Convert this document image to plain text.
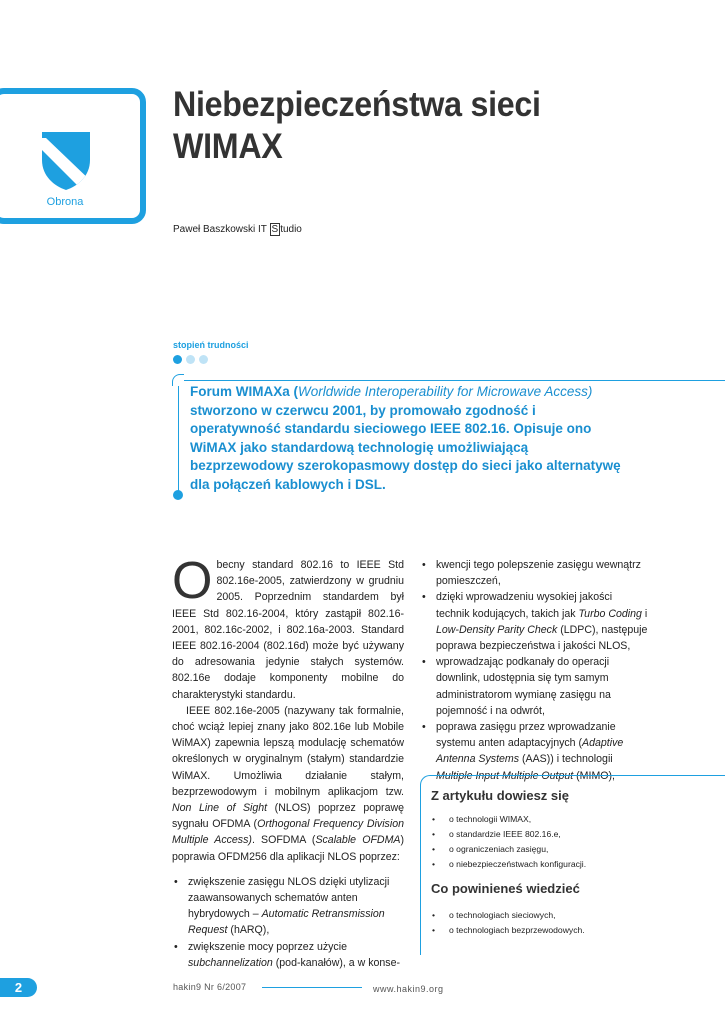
Obrona
Niebezpieczeństwa sieci
WIMAX
Paweł Baszkowski IT S tudio
stopień trudności
Forum WIMAXa (Worldwide Interoperability for Microwave Access) stworzono w czerwcu 2001, by promowało zgodność i operatywność standardu sieciowego IEEE 802.16. Opisuje ono WiMAX jako standardową technologię umożliwiającą bezprzewodowy szerokopasmowy dostęp do sieci jako alternatywę dla połączeń kablowych i DSL.

Obecny standard 802.16 to IEEE Std 802.16e-2005, zatwierdzony w grudniu 2005. Poprzednim standardem był IEEE Std 802.16-2004, który zastąpił 802.16-2001, 802.16c-2002, i 802.16a-2003. Standard IEEE 802.16-2004 (802.16d) może być używany do adresowania jedynie stałych systemów. 802.16e dodaje komponenty mobilne do charakterystyki standardu.

IEEE 802.16e-2005 (nazywany tak formalnie, choć wciąż lepiej znany jako 802.16e lub Mobile WiMAX) zapewnia lepszą modulację schematów określonych w oryginalnym (stałym) standardzie WiMAX. Umożliwia działanie stałym, bezprzewodowym i mobilnym aplikacjom tzw. Non Line of Sight (NLOS) poprzez poprawę sygnału OFDMA (Orthogonal Frequency Division Multiple Access). SOFDMA (Scalable OFDMA) poprawia OFDM256 dla aplikacji NLOS poprzez:

• zwiększenie zasięgu NLOS dzięki utylizacji zaawansowanych schematów anten hybrydowych – Automatic Retransmission Request (hARQ),
• zwiększenie mocy poprzez użycie subchannelization (pod-kanałów), a w konse-
• kwencji tego polepszenie zasięgu wewnątrz pomieszczeń,
• dzięki wprowadzeniu wysokiej jakości technik kodujących, takich jak Turbo Coding i Low-Density Parity Check (LDPC), następuje poprawa bezpieczeństwa i jakości NLOS,
• wprowadzając podkanały do operacji downlink, udostępnia się tym samym administratorom wymianę zasięgu na pojemność i na odwrót,
• poprawa zasięgu przez wprowadzanie systemu anten adaptacyjnych (Adaptive Antenna Systems (AAS)) i technologii Multiple Input Multiple Output (MIMO),
Z artykułu dowiesz się
• o technologii WIMAX,
• o standardzie IEEE 802.16.e,
• o ograniczeniach zasięgu,
• o niebezpieczeństwach konfiguracji.
Co powinieneś wiedzieć
• o technologiach sieciowych,
• o technologiach bezprzewodowych.
2	hakin9 Nr 6/2007	www.hakin9.org
